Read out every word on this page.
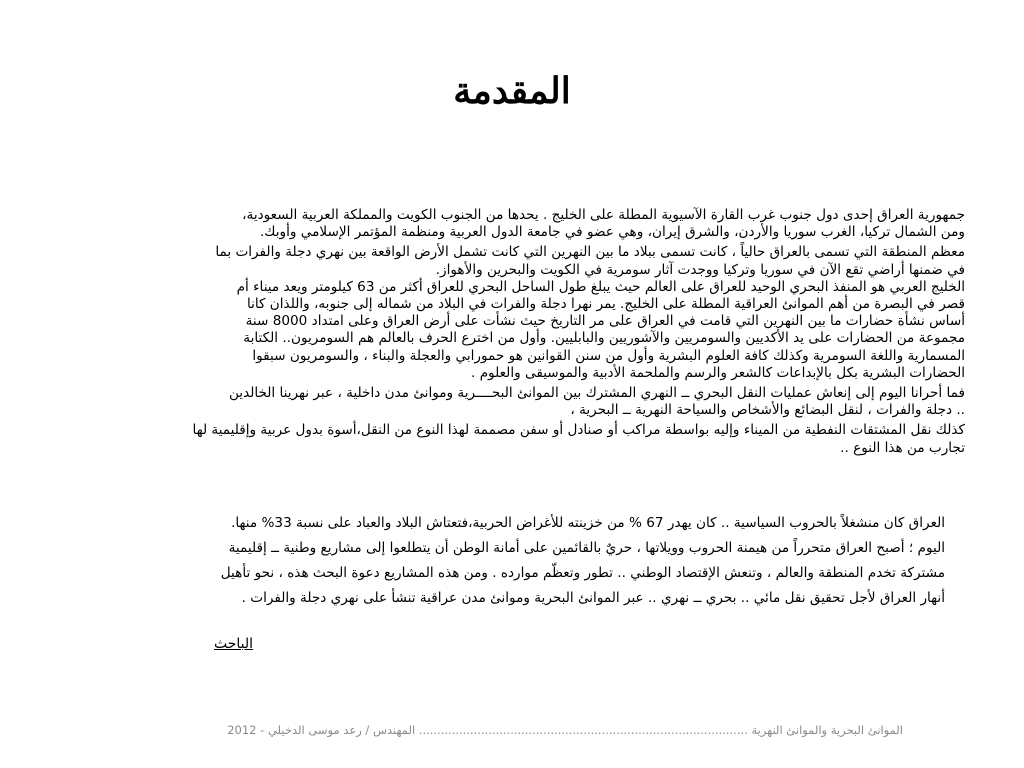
المقدمة

جمهورية العراق إحدى دول جنوب غرب القارة الآسيوية المطلة على الخليج . يحدها من الجنوب الكويت والمملكة العربية السعودية،
ومن الشمال تركيا، الغرب سوريا والأردن، والشرق إيران، وهي عضو في جامعة الدول العربية ومنظمة المؤتمر الإسلامي وأوبك.

معظم المنطقة التي تسمى بالعراق حالياً ، كانت تسمى ببلاد ما بين النهرين التي كانت تشمل الأرض الواقعة بين نهري دجلة والفرات بما
في ضمنها أراضي تقع الآن في سوريا وتركيا ووجدت آثار سومرية في الكويت والبحرين والأهواز.

الخليج العربي هو المنفذ البحري الوحيد للعراق على العالم حيث يبلغ طول الساحل البحري للعراق أكثر من 63 كيلومتر ويعد ميناء أم
قصر في البصرة من أهم الموانئ العراقية المطلة على الخليج. يمر نهرا دجلة والفرات في البلاد من شماله إلى جنوبه، واللذان كانا
أساس نشأة حضارات ما بين النهرين التي قامت في العراق على مر التاريخ حيث نشأت على أرض العراق وعلى امتداد 8000 سنة
مجموعة من الحضارات على يد الأكديين والسومريين والآشوريين والبابليين. وأول من اخترع الحرف بالعالم هم السومريون.. الكتابة
المسمارية واللغة السومرية وكذلك كافة العلوم البشرية وأول من سنن القوانين هو حمورابي والعجلة والبناء ، والسومريون سبقوا
الحضارات البشرية بكل بالإبداعات كالشعر والرسم والملحمة الأدبية والموسيقى والعلوم .

فما أحرانا اليوم إلى إنعاش عمليات النقل البحري ــ النهري المشترك بين الموانئ البحــــرية وموانئ مدن داخلية ، عبر نهرينا الخالدين
.. دجلة والفرات ، لنقل البضائع والأشخاص والسياحة النهرية ــ البحرية ،

كذلك نقل المشتقات النفطية من الميناء وإليه بواسطة مراكب أو صنادل أو سفن مصممة لهذا النوع من النقل،أسوة بدول عربية وإقليمية لها
تجارب من هذا النوع ..

العراق كان منشغلاً بالحروب السياسية .. كان يهدر 67 % من خزينته للأغراض الحربية،فتعتاش البلاد والعباد على نسبة 33% منها.
اليوم ؛ أصبح العراق متحرراً من هيمنة الحروب وويلاتها ، حريٌ بالقائمين على أمانة الوطن أن يتطلعوا إلى مشاريع وطنية ــ إقليمية
مشتركة تخدم المنطقة والعالم ، وتنعش الإقتصاد الوطني .. تطور وتعظّم موارده . ومن هذه المشاريع دعوة البحث هذه ، نحو تأهيل
أنهار العراق لأجل تحقيق نقل مائي .. بحري ــ نهري .. عبر الموانئ البحرية وموانئ مدن عراقية تنشأ على نهري دجلة والفرات .
الباحث
الموانئ البحرية والموانئ النهرية .......................................................................................... المهندس / رعد موسى الدخيلي - 2012
